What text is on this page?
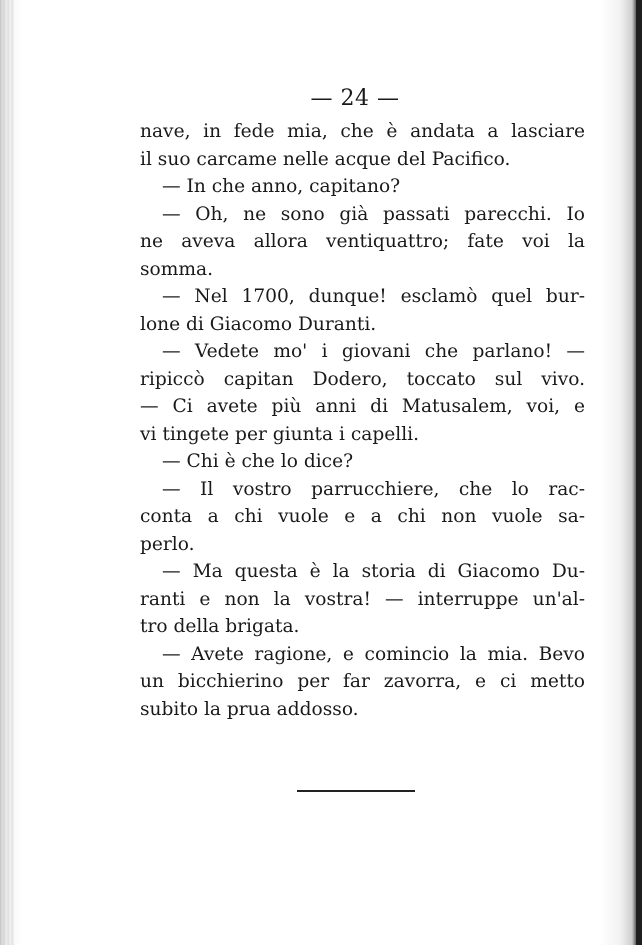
— 24 —
nave, in fede mia, che è andata a lasciare
il suo carcame nelle acque del Pacifico.
— In che anno, capitano?
— Oh, ne sono già passati parecchi. Io
ne aveva allora ventiquattro; fate voi la
somma.
— Nel 1700, dunque! esclamò quel bur-
lone di Giacomo Duranti.
— Vedete mo' i giovani che parlano! —
ripiccò capitan Dodero, toccato sul vivo.
— Ci avete più anni di Matusalem, voi, e
vi tingete per giunta i capelli.
— Chi è che lo dice?
— Il vostro parrucchiere, che lo rac-
conta a chi vuole e a chi non vuole sa-
perlo.
— Ma questa è la storia di Giacomo Du-
ranti e non la vostra! — interruppe un'al-
tro della brigata.
— Avete ragione, e comincio la mia. Bevo
un bicchierino per far zavorra, e ci metto
subito la prua addosso.
